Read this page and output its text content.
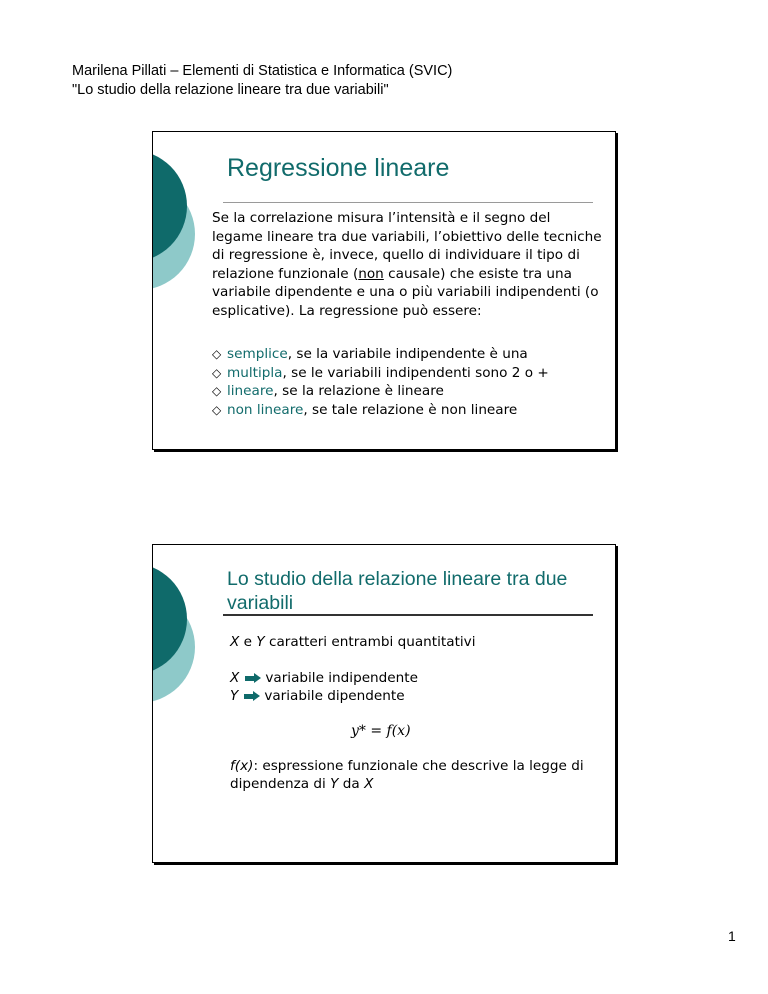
Marilena Pillati – Elementi di Statistica e Informatica (SVIC)
"Lo studio della relazione lineare tra due variabili"
Regressione lineare
Se la correlazione misura l’intensità e il segno del legame lineare tra due variabili, l’obiettivo delle tecniche di regressione è, invece, quello di individuare il tipo di relazione funzionale (non causale) che esiste tra una variabile dipendente e una o più variabili indipendenti (o esplicative). La regressione può essere:
◇ semplice, se la variabile indipendente è una
◇ multipla, se le variabili indipendenti sono 2 o +
◇ lineare, se la relazione è lineare
◇ non lineare, se tale relazione è non lineare
Lo studio della relazione lineare tra due variabili
X e Y caratteri entrambi quantitativi
X variabile indipendente
Y variabile dipendente
y* = f(x)
f(x): espressione funzionale che descrive la legge di dipendenza di Y da X
1
